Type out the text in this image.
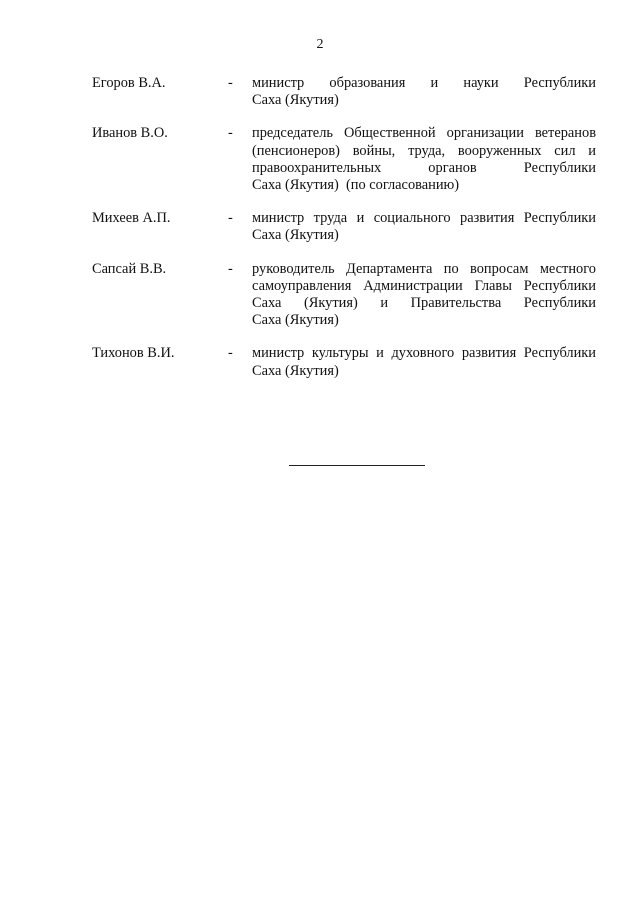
2
Егоров В.А.	-	министр образования и науки Республики
Саха (Якутия)
Иванов В.О.	-	председатель Общественной организации ветеранов
(пенсионеров) войны, труда, вооруженных сил и
правоохранительных органов Республики
Саха (Якутия)  (по согласованию)
Михеев А.П.	-	министр труда и социального развития Республики
Саха (Якутия)
Сапсай В.В.	-	руководитель Департамента по вопросам местного
самоуправления Администрации Главы Республики
Саха (Якутия) и Правительства Республики
Саха (Якутия)
Тихонов В.И.	-	министр культуры и духовного развития Республики
Саха (Якутия)
